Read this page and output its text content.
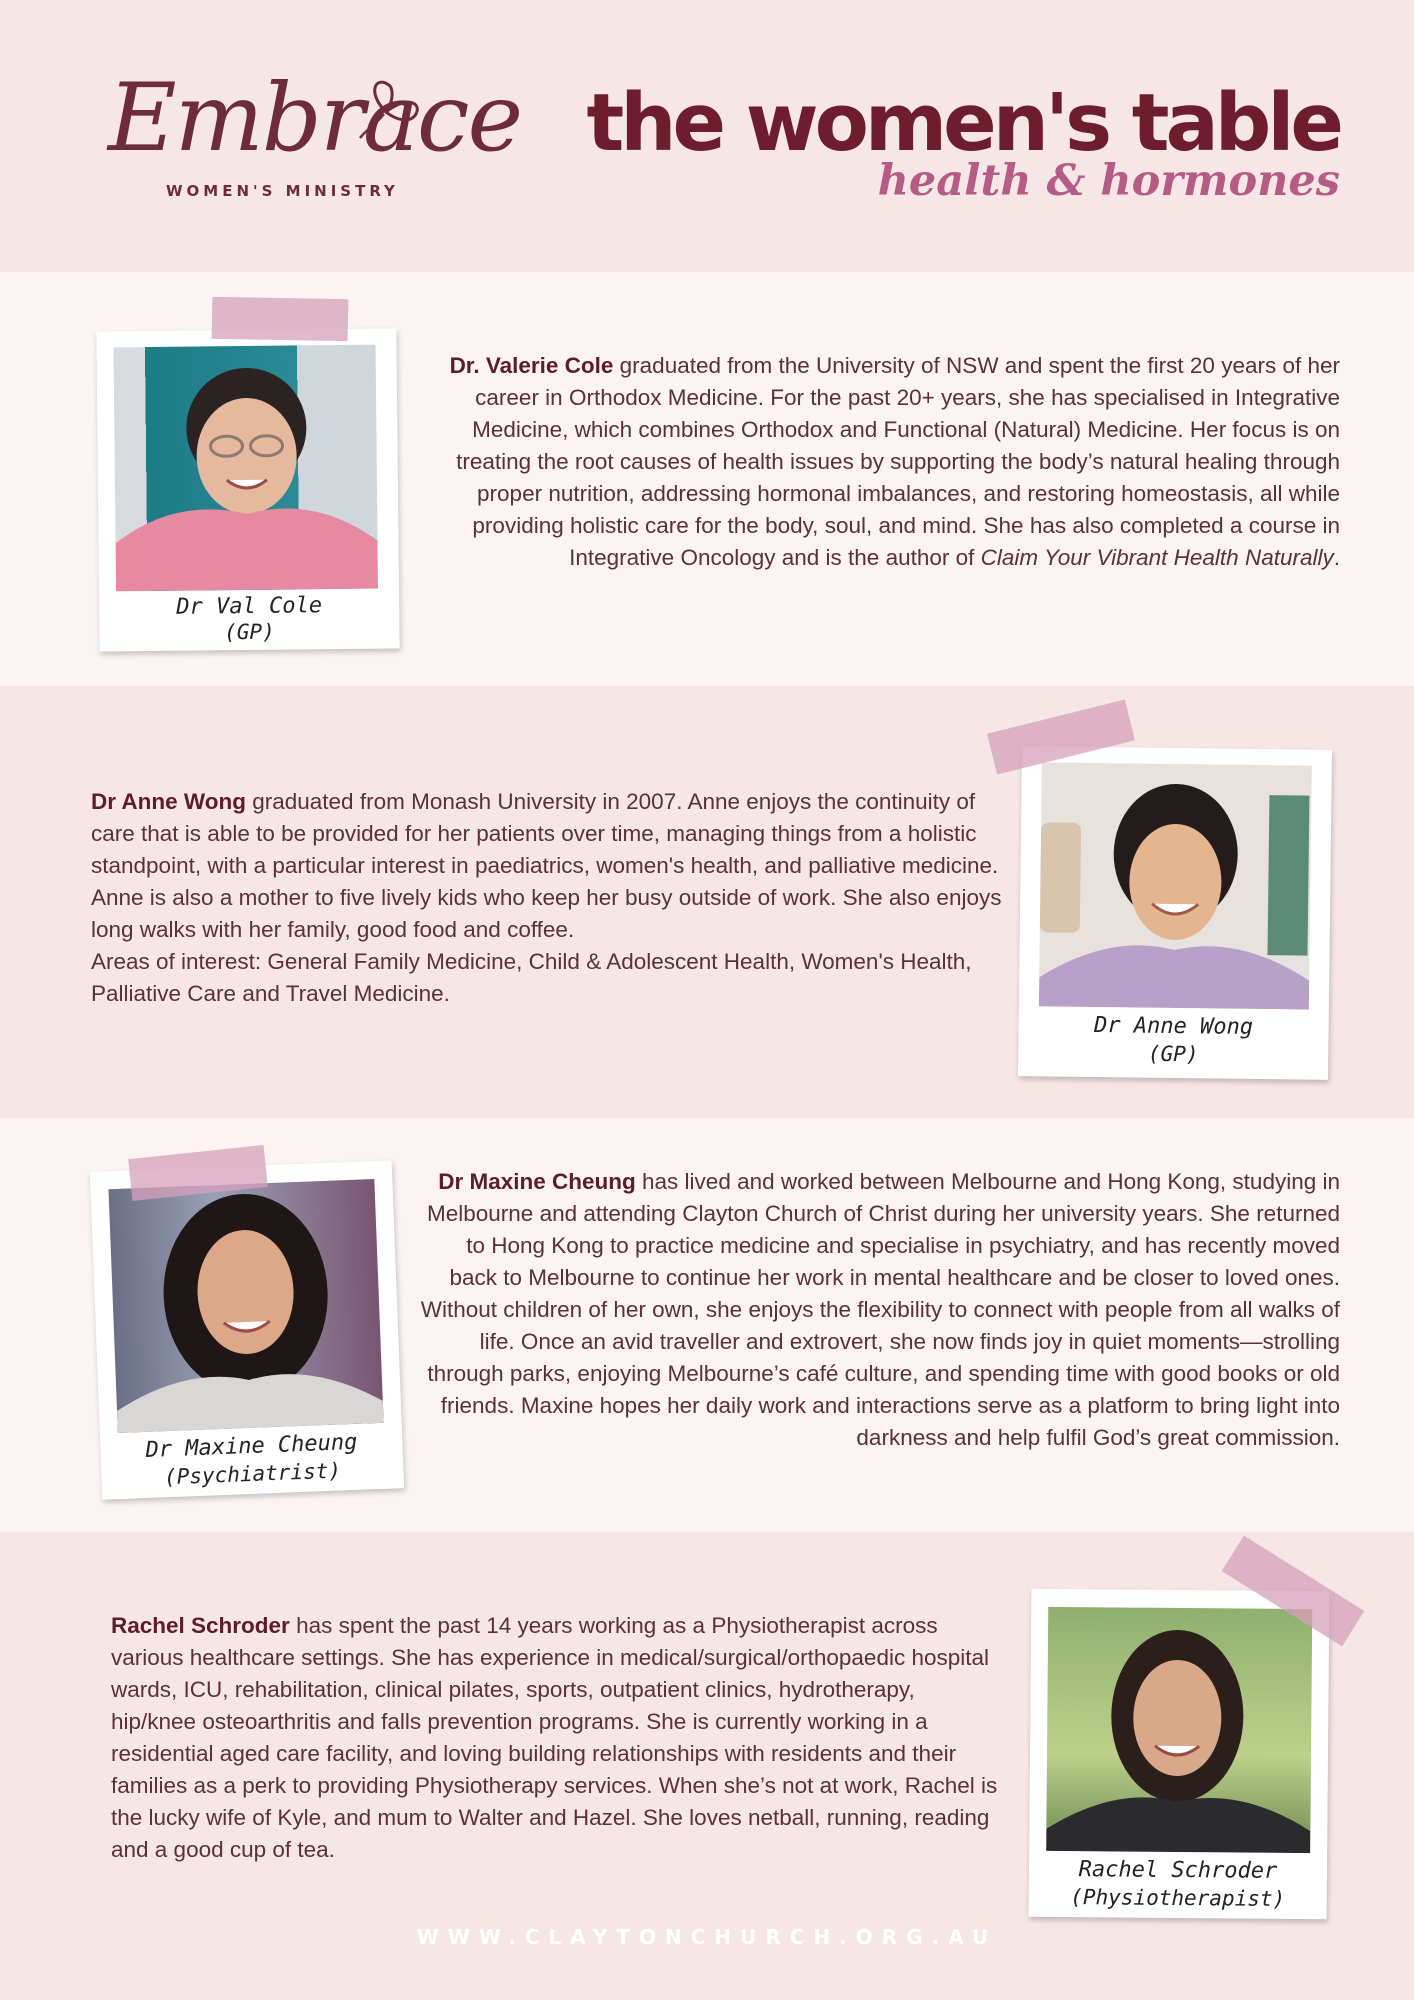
Embrace
WOMEN'S MINISTRY
the women's table
health & hormones
Dr Val Cole
(GP)
Dr. Valerie Cole graduated from the University of NSW and spent the first 20 years of her career in Orthodox Medicine. For the past 20+ years, she has specialised in Integrative Medicine, which combines Orthodox and Functional (Natural) Medicine. Her focus is on treating the root causes of health issues by supporting the body’s natural healing through proper nutrition, addressing hormonal imbalances, and restoring homeostasis, all while providing holistic care for the body, soul, and mind. She has also completed a course in Integrative Oncology and is the author of Claim Your Vibrant Health Naturally.
Dr Anne Wong graduated from Monash University in 2007. Anne enjoys the continuity of care that is able to be provided for her patients over time, managing things from a holistic standpoint, with a particular interest in paediatrics, women's health, and palliative medicine.
Anne is also a mother to five lively kids who keep her busy outside of work. She also enjoys long walks with her family, good food and coffee.
Areas of interest: General Family Medicine, Child & Adolescent Health, Women's Health, Palliative Care and Travel Medicine.
Dr Anne Wong
(GP)
Dr Maxine Cheung
(Psychiatrist)
Dr Maxine Cheung has lived and worked between Melbourne and Hong Kong, studying in Melbourne and attending Clayton Church of Christ during her university years. She returned to Hong Kong to practice medicine and specialise in psychiatry, and has recently moved back to Melbourne to continue her work in mental healthcare and be closer to loved ones. Without children of her own, she enjoys the flexibility to connect with people from all walks of life. Once an avid traveller and extrovert, she now finds joy in quiet moments—strolling through parks, enjoying Melbourne’s café culture, and spending time with good books or old friends. Maxine hopes her daily work and interactions serve as a platform to bring light into darkness and help fulfil God’s great commission.
Rachel Schroder has spent the past 14 years working as a Physiotherapist across various healthcare settings. She has experience in medical/surgical/orthopaedic hospital wards, ICU, rehabilitation, clinical pilates, sports, outpatient clinics, hydrotherapy, hip/knee osteoarthritis and falls prevention programs. She is currently working in a residential aged care facility, and loving building relationships with residents and their families as a perk to providing Physiotherapy services. When she’s not at work, Rachel is the lucky wife of Kyle, and mum to Walter and Hazel. She loves netball, running, reading and a good cup of tea.
Rachel Schroder
(Physiotherapist)
WWW.CLAYTONCHURCH.ORG.AU
